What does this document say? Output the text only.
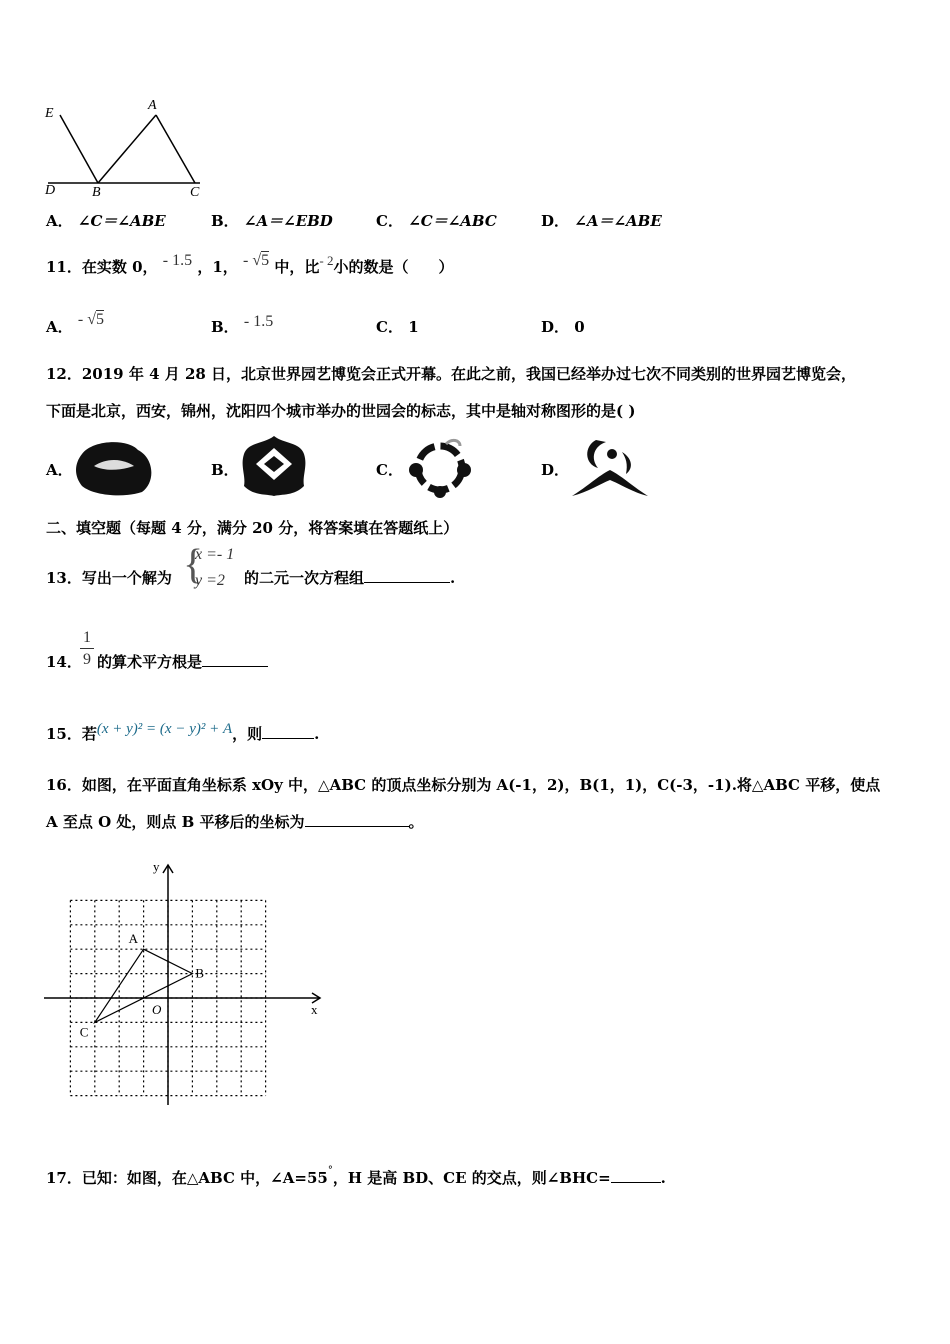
E
A
D	B	C
A． ∠C＝∠ABE	B． ∠A＝∠EBD	C． ∠C＝∠ABC	D． ∠A＝∠ABE
11．在实数 0， - 1.5 ，1， - √5 中，比- 2小的数是（　　）
A． - √5	B． - 1.5	C． 1	D． 0
12．2019 年 4 月 28 日，北京世界园艺博览会正式开幕。在此之前，我国已经举办过七次不同类别的世界园艺博览会，
下面是北京，西安，锦州，沈阳四个城市举办的世园会的标志，其中是轴对称图形的是( )
A．	B．	C．	D．
二、填空题（每题 4 分，满分 20 分，将答案填在答题纸上）
13．写出一个解为 {
x =- 1
y =2 的二元一次方程组	.
14．
$\frac{1}{9}$ 的算术平方根是
15．若(x + y)² = (x − y)² + A，则	.
16．如图，在平面直角坐标系 xOy 中，△ABC 的顶点坐标分别为 A(-1，2)，B(1，1)，C(-3，-1).将△ABC 平移，使点
A 至点 O 处，则点 B 平移后的坐标为	。
x
y
O
A
B
C
17．已知：如图，在△ABC 中，∠A=55°，H 是高 BD、CE 的交点，则∠BHC=	.
